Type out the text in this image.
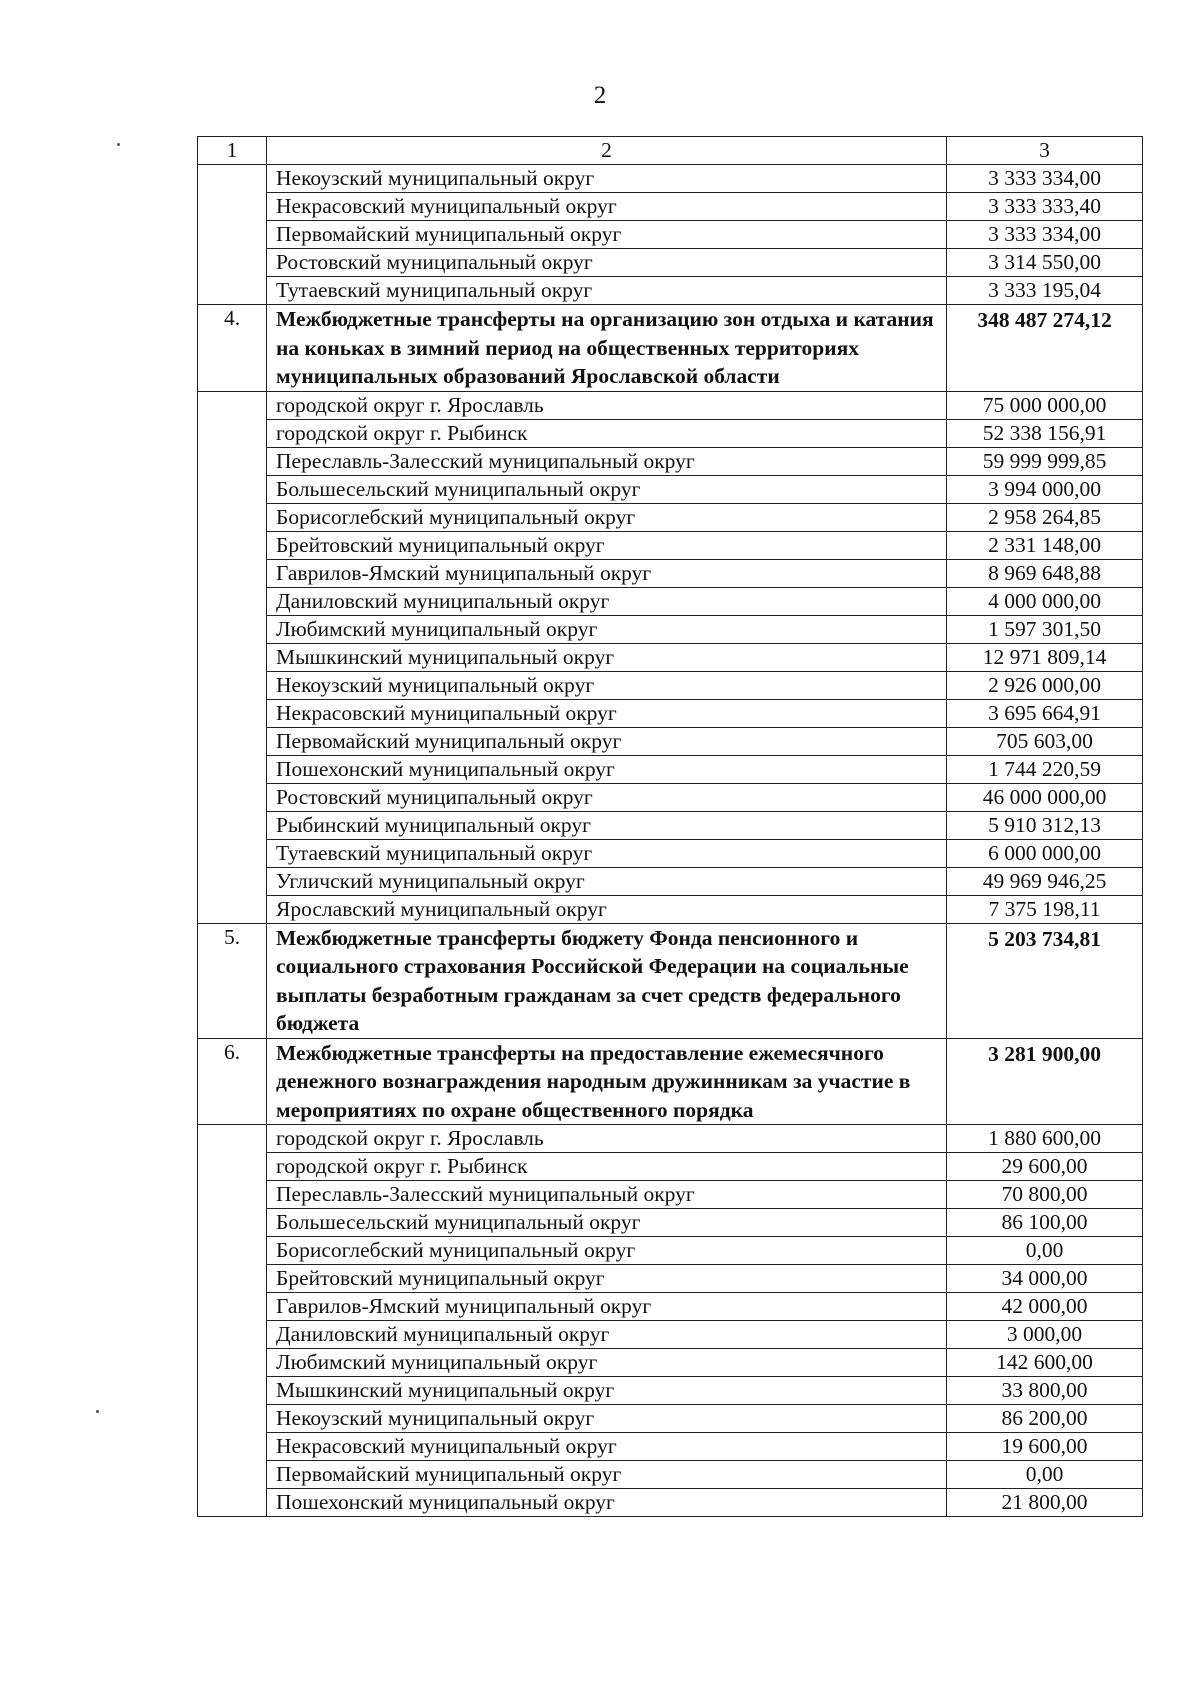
2
1	2	3
	Некоузский муниципальный округ	3 333 334,00
	Некрасовский муниципальный округ	3 333 333,40
	Первомайский муниципальный округ	3 333 334,00
	Ростовский муниципальный округ	3 314 550,00
	Тутаевский муниципальный округ	3 333 195,04
4.	Межбюджетные трансферты на организацию зон отдыха и катания на коньках в зимний период на общественных территориях муниципальных образований Ярославской области	348 487 274,12
	городской округ г. Ярославль	75 000 000,00
	городской округ г. Рыбинск	52 338 156,91
	Переславль-Залесский муниципальный округ	59 999 999,85
	Большесельский муниципальный округ	3 994 000,00
	Борисоглебский муниципальный округ	2 958 264,85
	Брейтовский муниципальный округ	2 331 148,00
	Гаврилов-Ямский муниципальный округ	8 969 648,88
	Даниловский муниципальный округ	4 000 000,00
	Любимский муниципальный округ	1 597 301,50
	Мышкинский муниципальный округ	12 971 809,14
	Некоузский муниципальный округ	2 926 000,00
	Некрасовский муниципальный округ	3 695 664,91
	Первомайский муниципальный округ	705 603,00
	Пошехонский муниципальный округ	1 744 220,59
	Ростовский муниципальный округ	46 000 000,00
	Рыбинский муниципальный округ	5 910 312,13
	Тутаевский муниципальный округ	6 000 000,00
	Угличский муниципальный округ	49 969 946,25
	Ярославский муниципальный округ	7 375 198,11
5.	Межбюджетные трансферты бюджету Фонда пенсионного и социального страхования Российской Федерации на социальные выплаты безработным гражданам за счет средств федерального бюджета	5 203 734,81
6.	Межбюджетные трансферты на предоставление ежемесячного денежного вознаграждения народным дружинникам за участие в мероприятиях по охране общественного порядка	3 281 900,00
	городской округ г. Ярославль	1 880 600,00
	городской округ г. Рыбинск	29 600,00
	Переславль-Залесский муниципальный округ	70 800,00
	Большесельский муниципальный округ	86 100,00
	Борисоглебский муниципальный округ	0,00
	Брейтовский муниципальный округ	34 000,00
	Гаврилов-Ямский муниципальный округ	42 000,00
	Даниловский муниципальный округ	3 000,00
	Любимский муниципальный округ	142 600,00
	Мышкинский муниципальный округ	33 800,00
	Некоузский муниципальный округ	86 200,00
	Некрасовский муниципальный округ	19 600,00
	Первомайский муниципальный округ	0,00
	Пошехонский муниципальный округ	21 800,00
